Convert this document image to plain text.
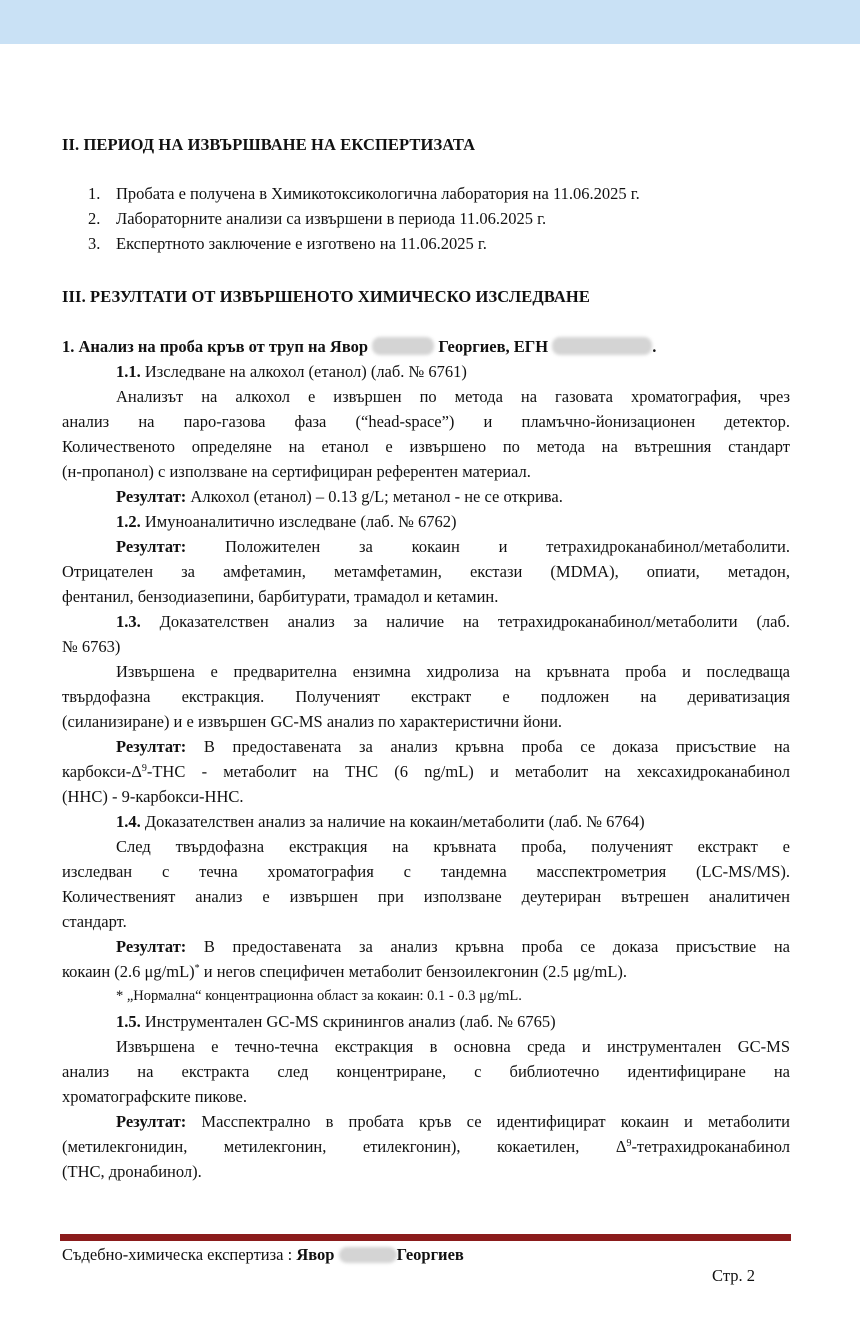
II. ПЕРИОД НА ИЗВЪРШВАНЕ НА ЕКСПЕРТИЗАТА
1. Пробата е получена в Химикотоксикологична лаборатория на 11.06.2025 г.
2. Лабораторните анализи са извършени в периода 11.06.2025 г.
3. Експертното заключение е изготвено на 11.06.2025 г.
III. РЕЗУЛТАТИ ОТ ИЗВЪРШЕНОТО ХИМИЧЕСКО ИЗСЛЕДВАНЕ
1. Анализ на проба кръв от труп на Явор	Георгиев, ЕГН	.
1.1. Изследване на алкохол (етанол) (лаб. № 6761)
Анализът на алкохол е извършен по метода на газовата хроматография, чрез
анализ на паро-газова фаза (“head-space”) и пламъчно-йонизационен детектор.
Количественото определяне на етанол е извършено по метода на вътрешния стандарт
(н-пропанол) с използване на сертифициран референтен материал.
Резултат: Алкохол (етанол) – 0.13 g/L; метанол - не се открива.
1.2. Имуноаналитично изследване (лаб. № 6762)
Резултат: Положителен за кокаин и тетрахидроканабинол/метаболити.
Отрицателен за амфетамин, метамфетамин, екстази (MDMA), опиати, метадон,
фентанил, бензодиазепини, барбитурати, трамадол и кетамин.
1.3. Доказателствен анализ за наличие на тетрахидроканабинол/метаболити (лаб.
№ 6763)
Извършена е предварителна ензимна хидролиза на кръвната проба и последваща
твърдофазна екстракция. Полученият екстракт е подложен на дериватизация
(силанизиране) и е извършен GC-MS анализ по характеристични йони.
Резултат: В предоставената за анализ кръвна проба се доказа присъствие на
карбокси-$\Delta^9$-THC - метаболит на THC (6 ng/mL) и метаболит на хексахидроканабинол
(HHC) - 9-карбокси-HHC.
1.4. Доказателствен анализ за наличие на кокаин/метаболити (лаб. № 6764)
След твърдофазна екстракция на кръвната проба, полученият екстракт е
изследван с течна хроматография с тандемна масспектрометрия (LC-MS/MS).
Количественият анализ е извършен при използване деутериран вътрешен аналитичен
стандарт.
Резултат: В предоставената за анализ кръвна проба се доказа присъствие на
кокаин (2.6 μg/mL)* и негов специфичен метаболит бензоилекгонин (2.5 μg/mL).
* „Нормална“ концентрационна област за кокаин: 0.1 - 0.3 μg/mL.
1.5. Инструментален GC-MS скринингов анализ (лаб. № 6765)
Извършена е течно-течна екстракция в основна среда и инструментален GC-MS
анализ на екстракта след концентриране, с библиотечно идентифициране на
хроматографските пикове.
Резултат: Масспектрално в пробата кръв се идентифицират кокаин и метаболити
(метилекгонидин, метилекгонин, етилекгонин), кокаетилен, $\Delta^9$-тетрахидроканабинол
(THC, дронабинол).
Съдебно-химическа експертиза : Явор	Георгиев
Стр. 2
